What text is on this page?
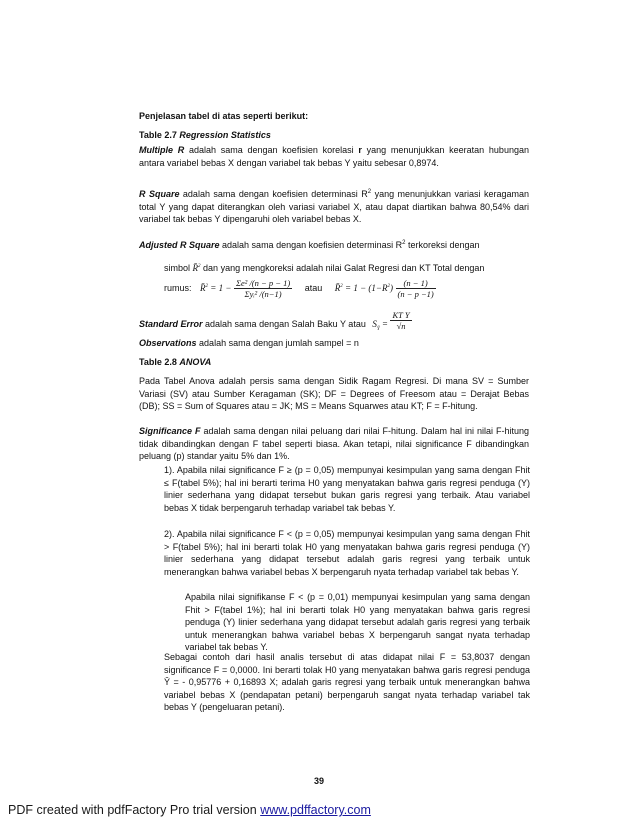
Penjelasan tabel di atas seperti berikut:
Table 2.7 Regression Statistics
Multiple R adalah sama dengan koefisien korelasi r yang menunjukkan keeratan hubungan antara variabel bebas X dengan variabel tak bebas Y yaitu sebesar 0,8974.
R Square adalah sama dengan koefisien determinasi $R^2$ yang menunjukkan variasi keragaman total Y yang dapat diterangkan oleh variasi variabel X, atau dapat diartikan bahwa 80,54% dari variabel tak bebas Y dipengaruhi oleh variabel bebas X.
Adjusted R Square adalah sama dengan koefisien determinasi $R^2$ terkoreksi dengan
simbol R̄$^2$ dan yang mengkoreksi adalah nilai Galat Regresi dan KT Total dengan
rumus: R̄$^2$ = $1 - \frac{\text{Σe² /(n − p − 1)}}{\text{Σyᵢ² /(n−1)}}$ atau R̄$^2$ = $1 - (1-R^2) \frac{(n - 1)}{(n - p -1)}$
Standard Error adalah sama dengan Salah Baku Y atau $S_Ŷ = \frac{\text{KT Y}}{√n}$
Observations adalah sama dengan jumlah sampel = n
Table 2.8 ANOVA
Pada Tabel Anova adalah persis sama dengan Sidik Ragam Regresi. Di mana SV = Sumber Variasi (SV) atau Sumber Keragaman (SK); DF = Degrees of Freesom atau = Derajat Bebas (DB); SS = Sum of Squares atau = JK; MS = Means Squarwes atau KT; F = F-hitung.
Significance F adalah sama dengan nilai peluang dari nilai F-hitung. Dalam hal ini nilai F-hitung tidak dibandingkan dengan F tabel seperti biasa. Akan tetapi, nilai significance F dibandingkan peluang (p) standar yaitu 5% dan 1%.
1). Apabila nilai significance F ≥ (p = 0,05) mempunyai kesimpulan yang sama dengan Fhit ≤ F(tabel 5%); hal ini berarti terima H0 yang menyatakan bahwa garis regresi penduga (Y) linier sederhana yang didapat tersebut bukan garis regresi yang terbaik. Atau variabel bebas X tidak berpengaruh terhadap variabel tak bebas Y.
2). Apabila nilai significance F < (p = 0,05) mempunyai kesimpulan yang sama dengan Fhit > F(tabel 5%); hal ini berarti tolak H0 yang menyatakan bahwa garis regresi penduga (Y) linier sederhana yang didapat tersebut adalah garis regresi yang terbaik untuk menerangkan bahwa variabel bebas X berpengaruh nyata terhadap variabel tak bebas Y.
Apabila nilai signifikanse F < (p = 0,01) mempunyai kesimpulan yang sama dengan Fhit > F(tabel 1%); hal ini berarti tolak H0 yang menyatakan bahwa garis regresi penduga (Y) linier sederhana yang didapat tersebut adalah garis regresi yang terbaik untuk menerangkan bahwa variabel bebas X berpengaruh sangat nyata terhadap variabel tak bebas Y.
Sebagai contoh dari hasil analis tersebut di atas didapat nilai F = 53,8037 dengan significance F = 0,0000. Ini berarti tolak H0 yang menyatakan bahwa garis regresi penduga Ŷ = - 0,95776 + 0,16893 X; adalah garis regresi yang terbaik untuk menerangkan bahwa variabel bebas X (pendapatan petani) berpengaruh sangat nyata terhadap variabel tak bebas Y (pengeluaran petani).
39
PDF created with pdfFactory Pro trial version www.pdffactory.com
